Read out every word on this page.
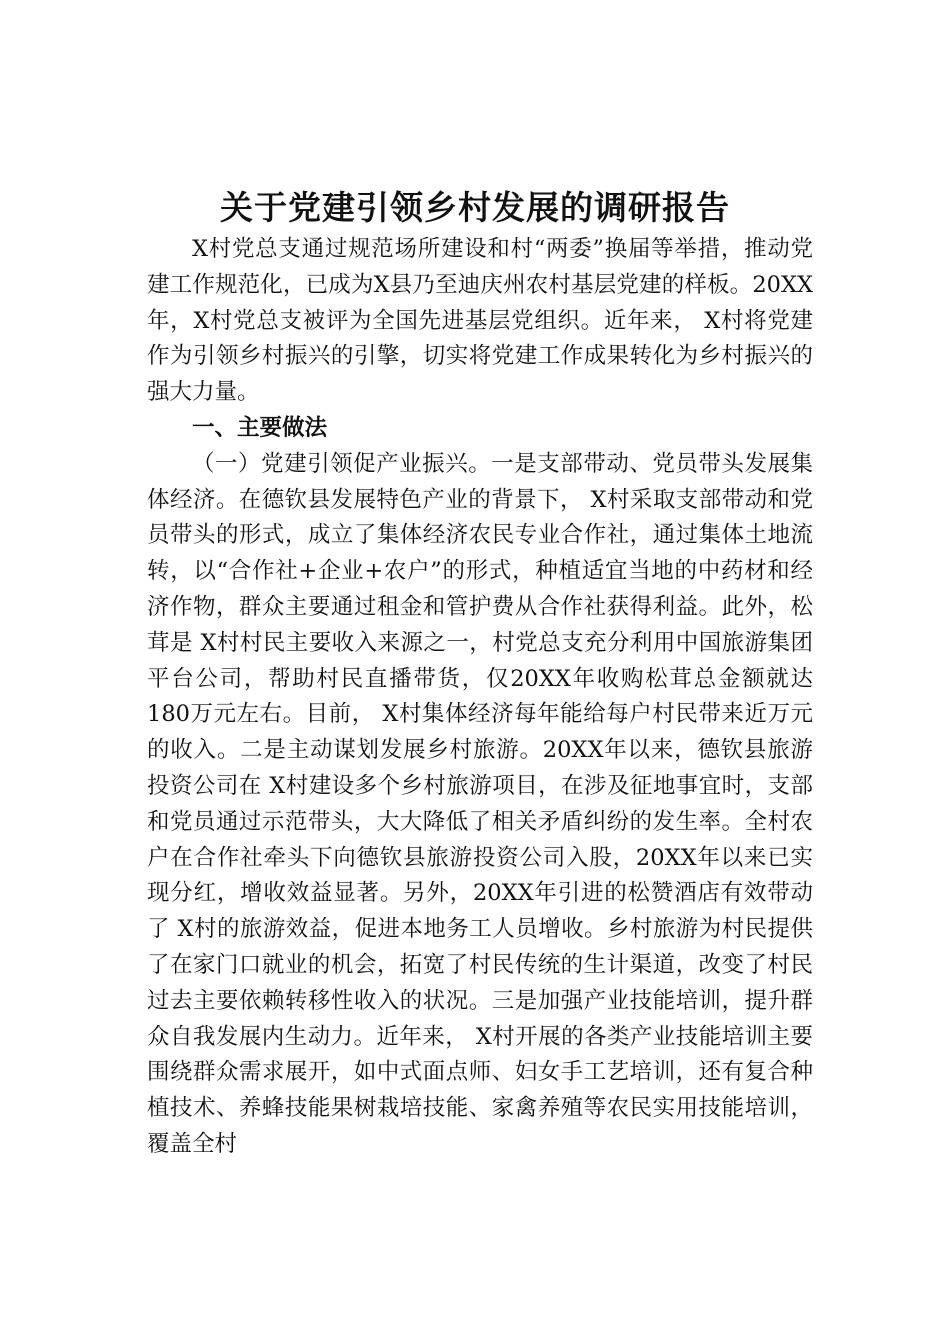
关于党建引领乡村发展的调研报告

X村党总支通过规范场所建设和村“两委”换届等举措，推动党建工作规范化，已成为X县乃至迪庆州农村基层党建的样板。20XX年，X村党总支被评为全国先进基层党组织。近年来， X村将党建作为引领乡村振兴的引擎，切实将党建工作成果转化为乡村振兴的强大力量。

一、主要做法

（一）党建引领促产业振兴。一是支部带动、党员带头发展集体经济。在德钦县发展特色产业的背景下， X村采取支部带动和党员带头的形式，成立了集体经济农民专业合作社，通过集体土地流转，以“合作社+企业+农户”的形式，种植适宜当地的中药材和经济作物，群众主要通过租金和管护费从合作社获得利益。此外，松茸是 X村村民主要收入来源之一，村党总支充分利用中国旅游集团平台公司，帮助村民直播带货，仅20XX年收购松茸总金额就达180万元左右。目前， X村集体经济每年能给每户村民带来近万元的收入。二是主动谋划发展乡村旅游。20XX年以来，德钦县旅游投资公司在 X村建设多个乡村旅游项目，在涉及征地事宜时，支部和党员通过示范带头，大大降低了相关矛盾纠纷的发生率。全村农户在合作社牵头下向德钦县旅游投资公司入股，20XX年以来已实现分红，增收效益显著。另外，20XX年引进的松赞酒店有效带动了 X村的旅游效益，促进本地务工人员增收。乡村旅游为村民提供了在家门口就业的机会，拓宽了村民传统的生计渠道，改变了村民过去主要依赖转移性收入的状况。三是加强产业技能培训，提升群众自我发展内生动力。近年来， X村开展的各类产业技能培训主要围绕群众需求展开，如中式面点师、妇女手工艺培训，还有复合种植技术、养蜂技能果树栽培技能、家禽养殖等农民实用技能培训，覆盖全村
